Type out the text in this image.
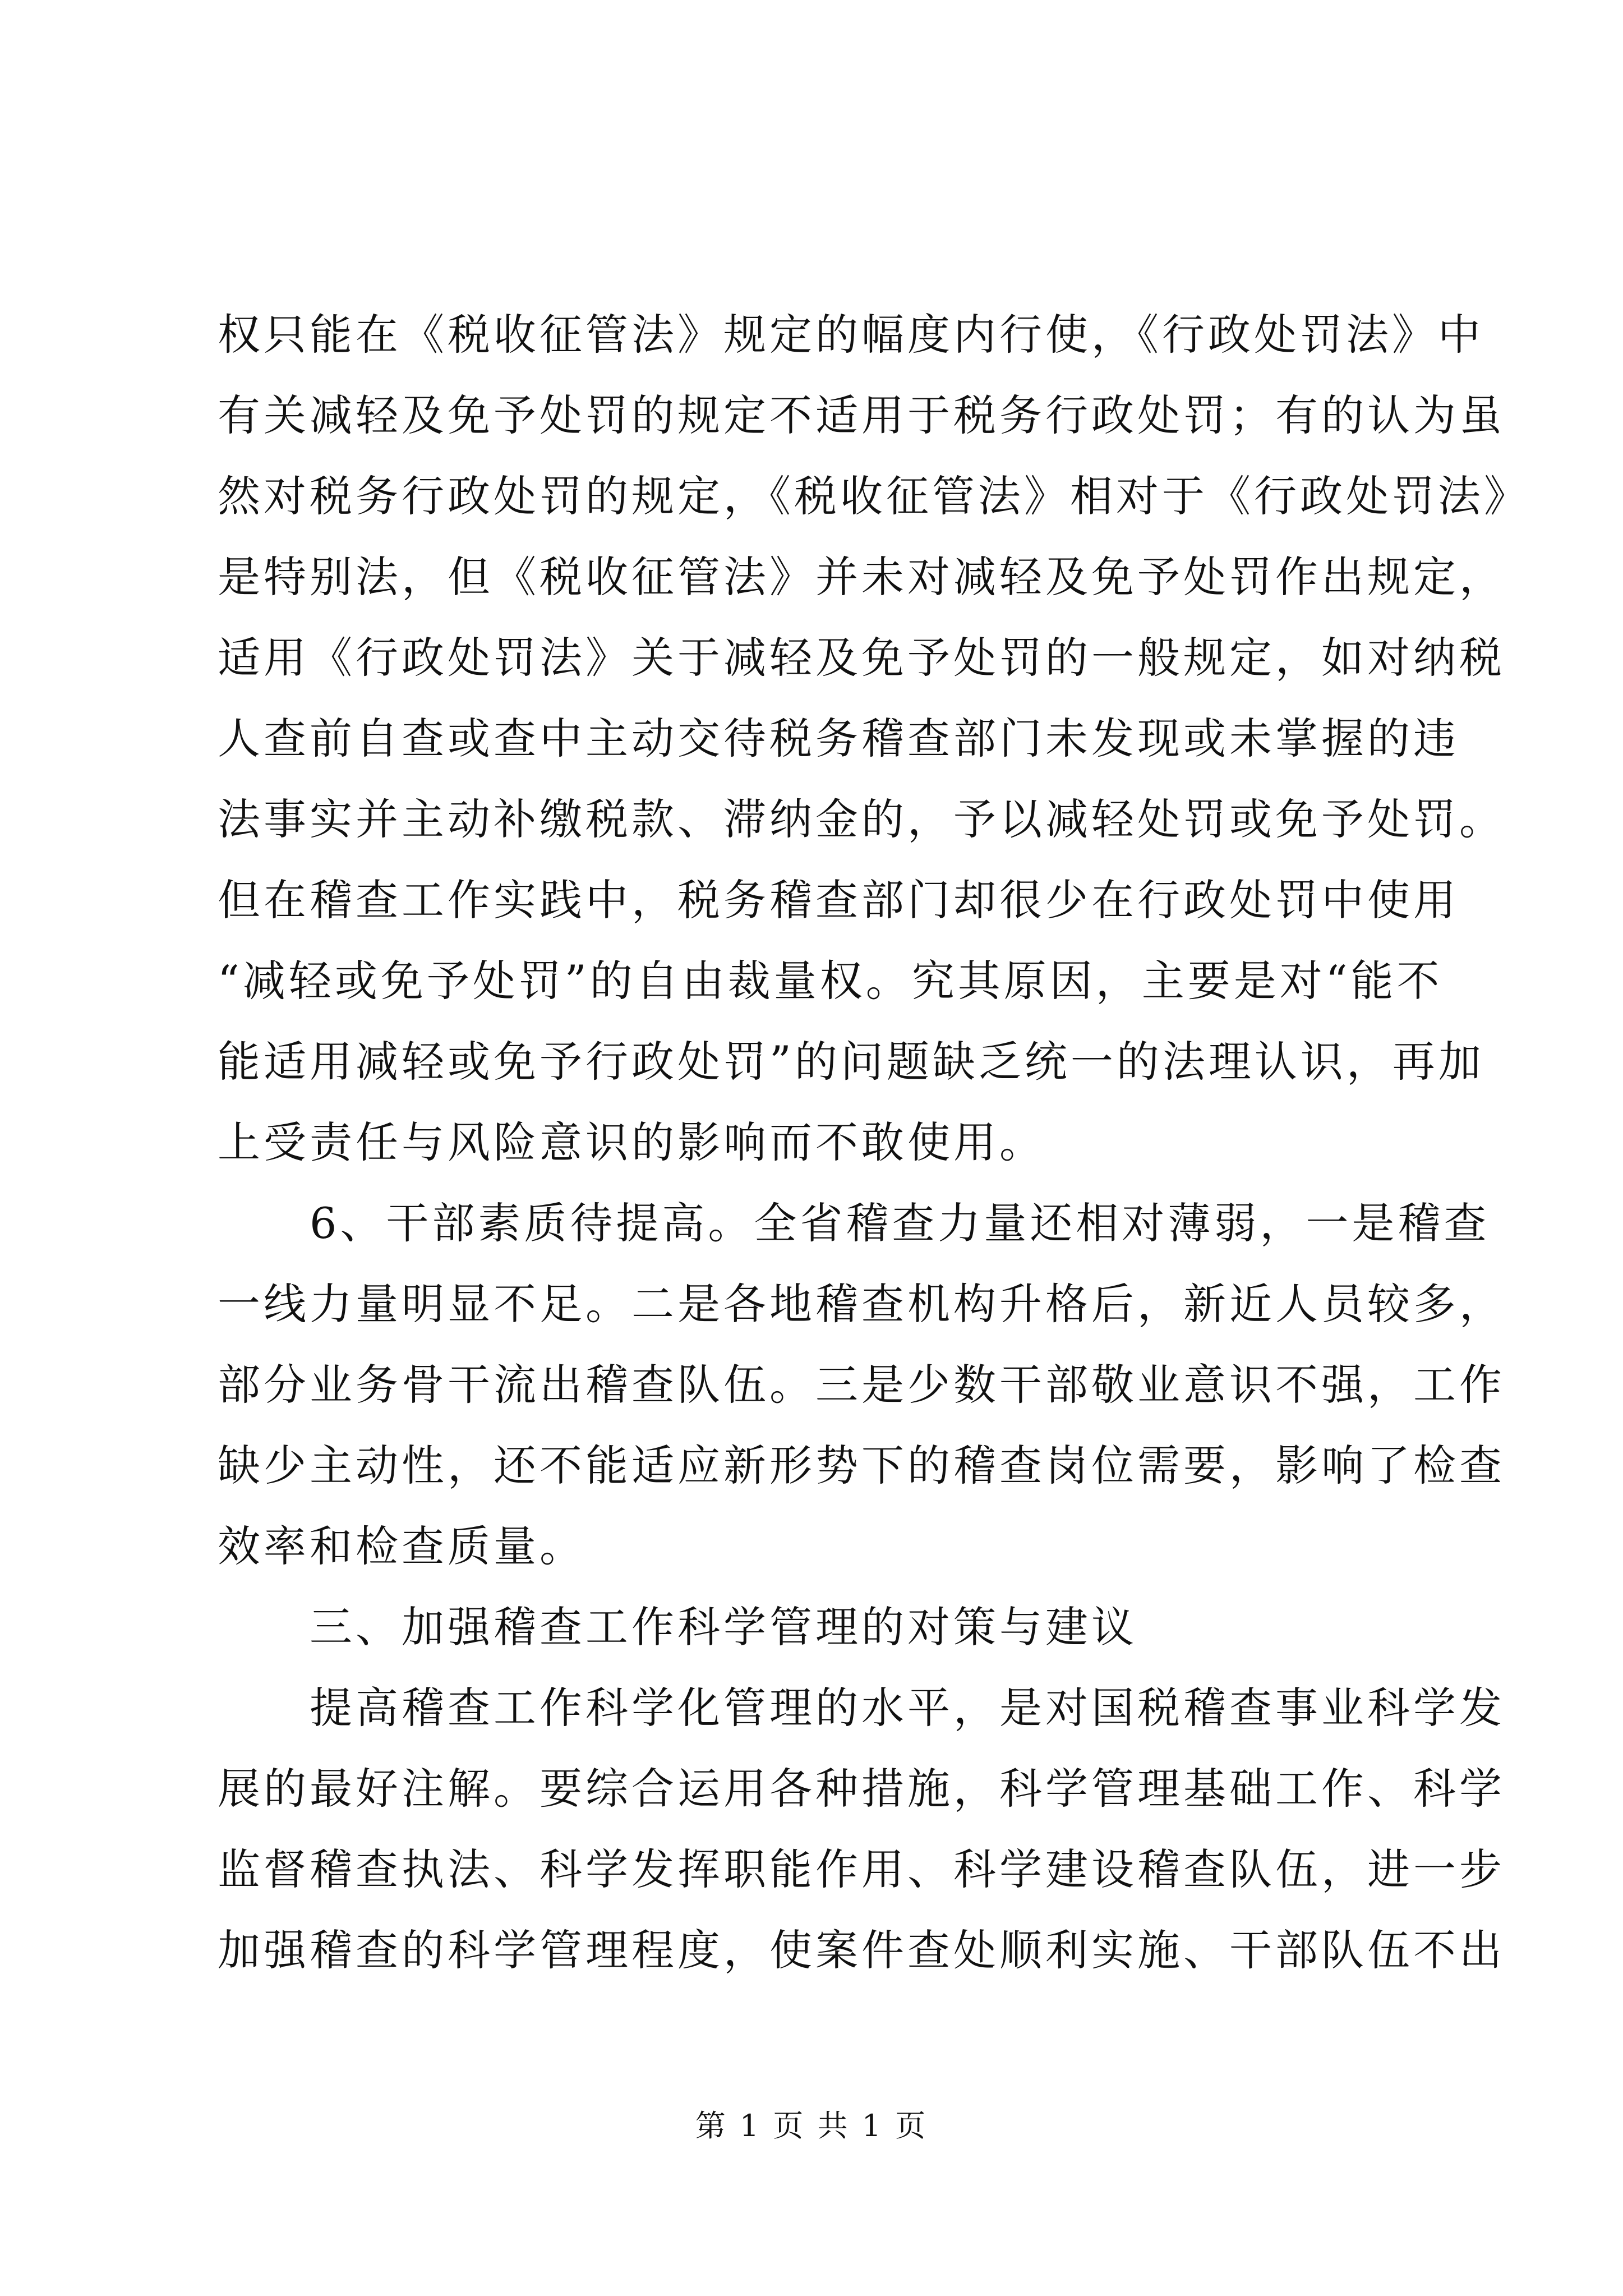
权只能在《税收征管法》规定的幅度内行使，《行政处罚法》中
有关减轻及免予处罚的规定不适用于税务行政处罚；有的认为虽
然对税务行政处罚的规定，《税收征管法》相对于《行政处罚法》
是特别法，但《税收征管法》并未对减轻及免予处罚作出规定，
适用《行政处罚法》关于减轻及免予处罚的一般规定，如对纳税
人查前自查或查中主动交待税务稽查部门未发现或未掌握的违
法事实并主动补缴税款、滞纳金的，予以减轻处罚或免予处罚。
但在稽查工作实践中，税务稽查部门却很少在行政处罚中使用
“减轻或免予处罚”的自由裁量权。究其原因，主要是对“能不
能适用减轻或免予行政处罚”的问题缺乏统一的法理认识，再加
上受责任与风险意识的影响而不敢使用。
　　6、干部素质待提高。全省稽查力量还相对薄弱，一是稽查
一线力量明显不足。二是各地稽查机构升格后，新近人员较多，
部分业务骨干流出稽查队伍。三是少数干部敬业意识不强，工作
缺少主动性，还不能适应新形势下的稽查岗位需要，影响了检查
效率和检查质量。
　　三、加强稽查工作科学管理的对策与建议
　　提高稽查工作科学化管理的水平，是对国税稽查事业科学发
展的最好注解。要综合运用各种措施，科学管理基础工作、科学
监督稽查执法、科学发挥职能作用、科学建设稽查队伍，进一步
加强稽查的科学管理程度，使案件查处顺利实施、干部队伍不出
第 1 页 共 1 页
